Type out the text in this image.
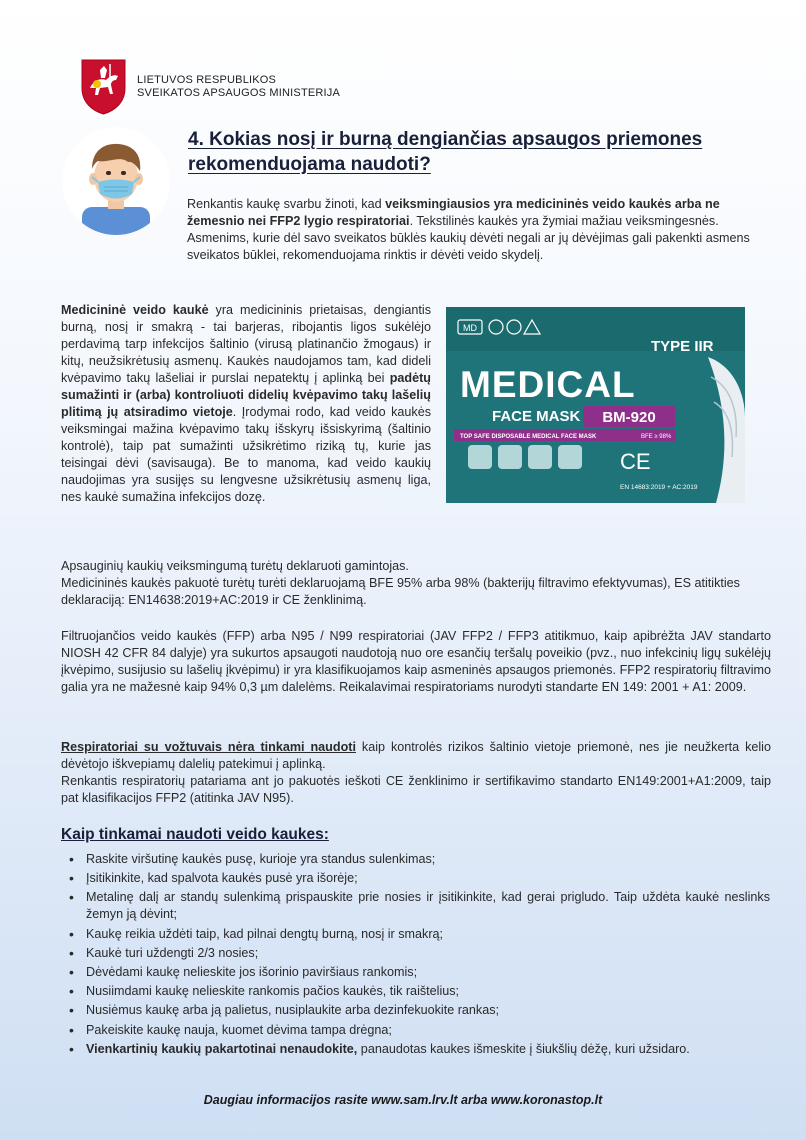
LIETUVOS RESPUBLIKOS
SVEIKATOS APSAUGOS MINISTERIJA
4. Kokias nosį ir burną dengiančias apsaugos priemones rekomenduojama naudoti?

Renkantis kaukę svarbu žinoti, kad veiksmingiausios yra medicininės veido kaukės arba ne žemesnio nei FFP2 lygio respiratoriai. Tekstilinės kaukės yra žymiai mažiau veiksmingesnės.

Asmenims, kurie dėl savo sveikatos būklės kaukių dėvėti negali ar jų dėvėjimas gali pakenkti asmens sveikatos būklei, rekomenduojama rinktis ir dėvėti veido skydelį.

Medicininė veido kaukė yra medicininis prietaisas, dengiantis burną, nosį ir smakrą - tai barjeras, ribojantis ligos sukėlėjo perdavimą tarp infekcijos šaltinio (virusą platinančio žmogaus) ir kitų, neužsikrėtusių asmenų. Kaukės naudojamos tam, kad dideli kvėpavimo takų lašeliai ir purslai nepatektų į aplinką bei padėtų sumažinti ir (arba) kontroliuoti didelių kvėpavimo takų lašelių plitimą jų atsiradimo vietoje. Įrodymai rodo, kad veido kaukės veiksmingai mažina kvėpavimo takų išskyrų išsiskyrimą (šaltinio kontrolė), taip pat sumažinti užsikrėtimo riziką tų, kurie jas teisingai dėvi (savisauga). Be to manoma, kad veido kaukių naudojimas yra susijęs su lengvesne užsikrėtusių asmenų liga, nes kaukė sumažina infekcijos dozę.
MD
TYPE IIR
MEDICAL
FACE MASK BM-920
TOP SAFE DISPOSABLE MEDICAL FACE MASK	BFE ≥ 98%
CE
EN 14683:2019 + AC:2019
Apsauginių kaukių veiksmingumą turėtų deklaruoti gamintojas.
Medicininės kaukės pakuotė turėtų turėti deklaruojamą BFE 95% arba 98% (bakterijų filtravimo efektyvumas), ES atitikties deklaraciją: EN14638:2019+AC:2019 ir CE ženklinimą.
Filtruojančios veido kaukės (FFP) arba N95 / N99 respiratoriai (JAV FFP2 / FFP3 atitikmuo, kaip apibrėžta JAV standarto NIOSH 42 CFR 84 dalyje) yra sukurtos apsaugoti naudotoją nuo ore esančių teršalų poveikio (pvz., nuo infekcinių ligų sukėlėjų įkvėpimo, susijusio su lašelių įkvėpimu) ir yra klasifikuojamos kaip asmeninės apsaugos priemonės. FFP2 respiratorių filtravimo galia yra ne mažesnė kaip 94% 0,3 µm dalelėms. Reikalavimai respiratoriams nurodyti standarte EN 149: 2001 + A1: 2009.
Respiratoriai su vožtuvais nėra tinkami naudoti kaip kontrolės rizikos šaltinio vietoje priemonė, nes jie neužkerta kelio dėvėtojo iškvepiamų dalelių patekimui į aplinką.
Renkantis respiratorių patariama ant jo pakuotės ieškoti CE ženklinimo ir sertifikavimo standarto EN149:2001+A1:2009, taip pat klasifikacijos FFP2 (atitinka JAV N95).
Kaip tinkamai naudoti veido kaukes:
• Raskite viršutinę kaukės pusę, kurioje yra standus sulenkimas;
• Įsitikinkite, kad spalvota kaukės pusė yra išorėje;
• Metalinę dalį ar standų sulenkimą prispauskite prie nosies ir įsitikinkite, kad gerai prigludo. Taip uždėta kaukė neslinks žemyn ją dėvint;
• Kaukę reikia uždėti taip, kad pilnai dengtų burną, nosį ir smakrą;
• Kaukė turi uždengti 2/3 nosies;
• Dėvėdami kaukę nelieskite jos išorinio paviršiaus rankomis;
• Nusiimdami kaukę nelieskite rankomis pačios kaukės, tik raištelius;
• Nusiėmus kaukę arba ją palietus, nusiplaukite arba dezinfekuokite rankas;
• Pakeiskite kaukę nauja, kuomet dėvima tampa drėgna;
• Vienkartinių kaukių pakartotinai nenaudokite, panaudotas kaukes išmeskite į šiukšlių dėžę, kuri užsidaro.
Daugiau informacijos rasite www.sam.lrv.lt arba www.koronastop.lt
